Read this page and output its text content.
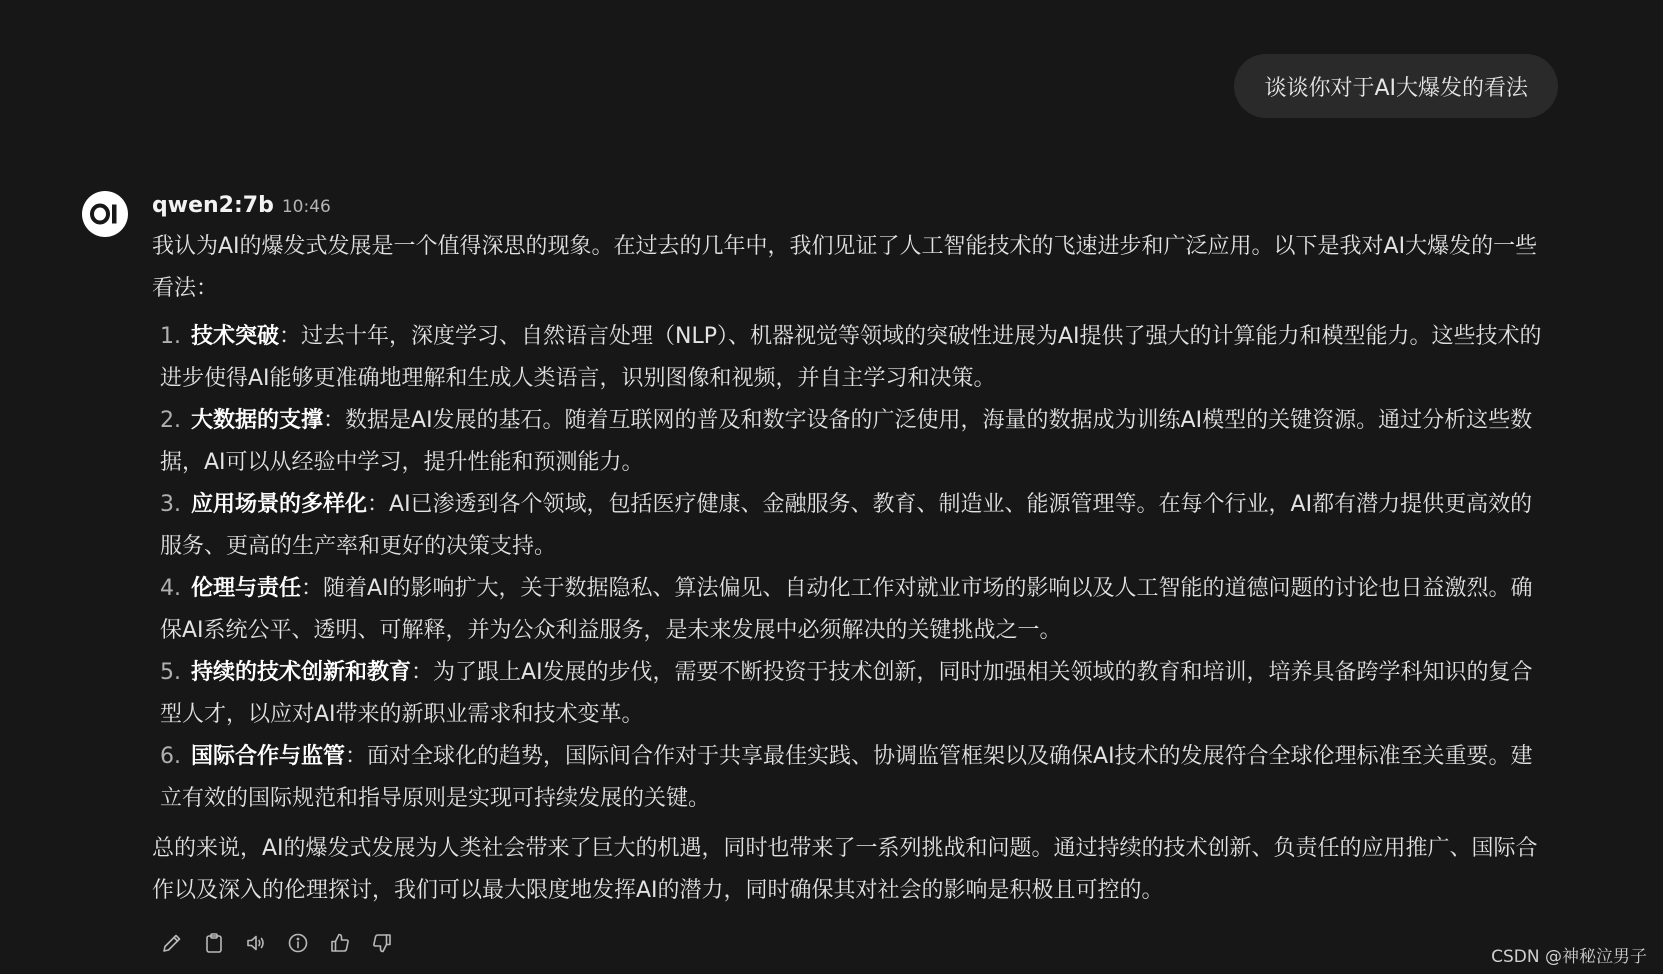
谈谈你对于AI大爆发的看法
qwen2:7b 10:46

我认为AI的爆发式发展是一个值得深思的现象。在过去的几年中，我们见证了人工智能技术的飞速进步和广泛应用。以下是我对AI大爆发的一些看法：

1. 技术突破：过去十年，深度学习、自然语言处理（NLP）、机器视觉等领域的突破性进展为AI提供了强大的计算能力和模型能力。这些技术的进步使得AI能够更准确地理解和生成人类语言，识别图像和视频，并自主学习和决策。
2. 大数据的支撑：数据是AI发展的基石。随着互联网的普及和数字设备的广泛使用，海量的数据成为训练AI模型的关键资源。通过分析这些数据，AI可以从经验中学习，提升性能和预测能力。
3. 应用场景的多样化：AI已渗透到各个领域，包括医疗健康、金融服务、教育、制造业、能源管理等。在每个行业，AI都有潜力提供更高效的服务、更高的生产率和更好的决策支持。
4. 伦理与责任：随着AI的影响扩大，关于数据隐私、算法偏见、自动化工作对就业市场的影响以及人工智能的道德问题的讨论也日益激烈。确保AI系统公平、透明、可解释，并为公众利益服务，是未来发展中必须解决的关键挑战之一。
5. 持续的技术创新和教育：为了跟上AI发展的步伐，需要不断投资于技术创新，同时加强相关领域的教育和培训，培养具备跨学科知识的复合型人才，以应对AI带来的新职业需求和技术变革。
6. 国际合作与监管：面对全球化的趋势，国际间合作对于共享最佳实践、协调监管框架以及确保AI技术的发展符合全球伦理标准至关重要。建立有效的国际规范和指导原则是实现可持续发展的关键。

总的来说，AI的爆发式发展为人类社会带来了巨大的机遇，同时也带来了一系列挑战和问题。通过持续的技术创新、负责任的应用推广、国际合作以及深入的伦理探讨，我们可以最大限度地发挥AI的潜力，同时确保其对社会的影响是积极且可控的。

CSDN @神秘泣男子
